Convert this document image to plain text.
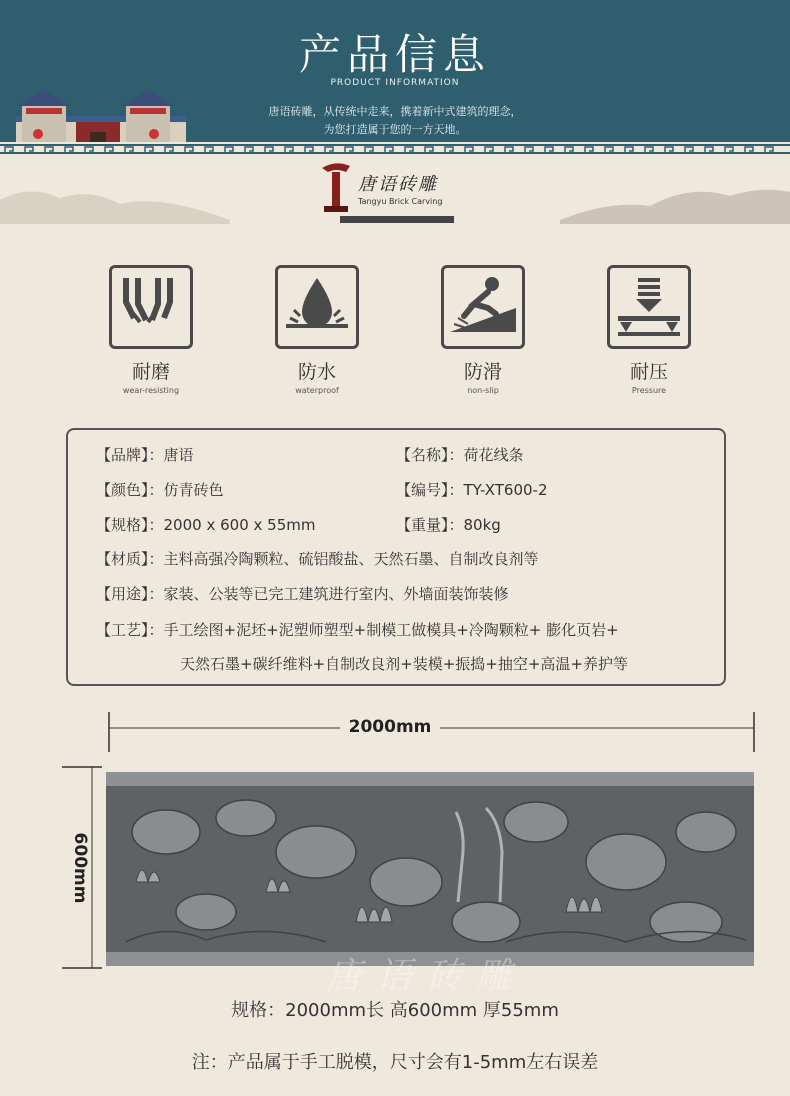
产品信息
PRODUCT INFORMATION
唐语砖雕，从传统中走来，携着新中式建筑的理念，
为您打造属于您的一方天地。
唐语砖雕
Tangyu Brick Carving
耐磨
wear-resisting
防水
waterproof
防滑
non-slip
耐压
Pressure
【品牌】：唐语	【名称】：荷花线条
【颜色】：仿青砖色	【编号】：TY-XT600-2
【规格】：2000 x 600 x 55mm	【重量】：80kg
【材质】：主料高强冷陶颗粒、硫铝酸盐、天然石墨、自制改良剂等
【用途】：家装、公装等已完工建筑进行室内、外墙面装饰装修
【工艺】：手工绘图+泥坯+泥塑师塑型+制模工做模具+冷陶颗粒+ 膨化页岩+
天然石墨+碳纤维料+自制改良剂+装模+振捣+抽空+高温+养护等
2000mm
600mm
唐语砖雕
规格：2000mm长 高600mm 厚55mm
注：产品属于手工脱模，尺寸会有1-5mm左右误差
